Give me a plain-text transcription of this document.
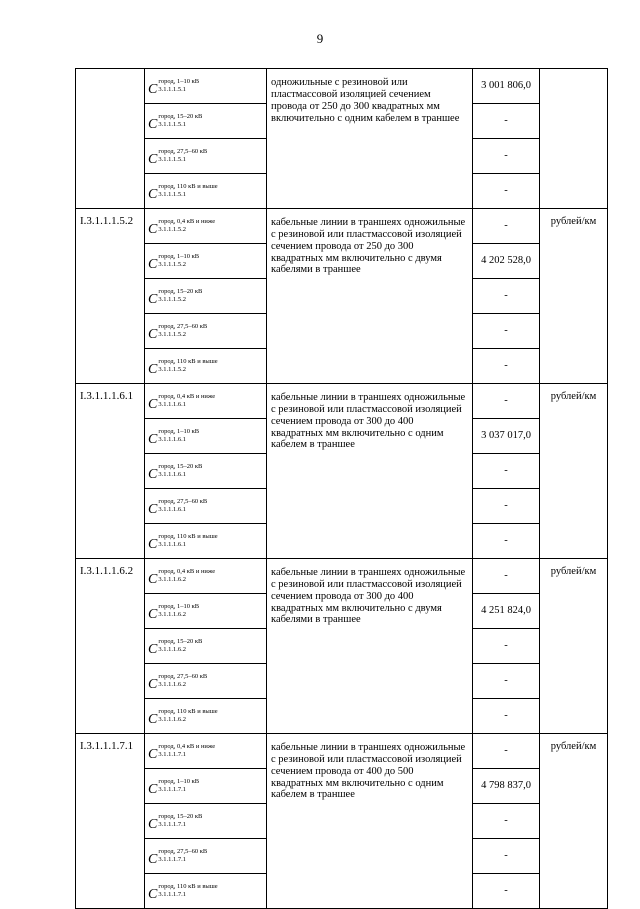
9

	C
город, 1–10 кВ
3.1.1.1.5.1	одножильные с резиновой или пластмассовой изоляцией сечением провода от 250 до 300 квадратных мм включительно с одним кабелем в траншее	3 001 806,0	

	C
город, 15–20 кВ
3.1.1.1.5.1		-	

	C
город, 27,5–60 кВ
3.1.1.1.5.1		-	

	C
город, 110 кВ и выше
3.1.1.1.5.1		-	
I.3.1.1.1.5.2	C
город, 0,4 кВ и ниже
3.1.1.1.5.2	кабельные линии в траншеях одножильные с резиновой или пластмассовой изоляцией сечением провода от 250 до 300 квадратных мм включительно с двумя кабелями в траншее	-	рублей/км

	C
город, 1–10 кВ
3.1.1.1.5.2		4 202 528,0	

	C
город, 15–20 кВ
3.1.1.1.5.2		-	

	C
город, 27,5–60 кВ
3.1.1.1.5.2		-	

	C
город, 110 кВ и выше
3.1.1.1.5.2		-	
I.3.1.1.1.6.1	C
город, 0,4 кВ и ниже
3.1.1.1.6.1	кабельные линии в траншеях одножильные с резиновой или пластмассовой изоляцией сечением провода от 300 до 400 квадратных мм включительно с одним кабелем в траншее	-	рублей/км

	C
город, 1–10 кВ
3.1.1.1.6.1		3 037 017,0	

	C
город, 15–20 кВ
3.1.1.1.6.1		-	

	C
город, 27,5–60 кВ
3.1.1.1.6.1		-	

	C
город, 110 кВ и выше
3.1.1.1.6.1		-	
I.3.1.1.1.6.2	C
город, 0,4 кВ и ниже
3.1.1.1.6.2	кабельные линии в траншеях одножильные с резиновой или пластмассовой изоляцией сечением провода от 300 до 400 квадратных мм включительно с двумя кабелями в траншее	-	рублей/км

	C
город, 1–10 кВ
3.1.1.1.6.2		4 251 824,0	

	C
город, 15–20 кВ
3.1.1.1.6.2		-	

	C
город, 27,5–60 кВ
3.1.1.1.6.2		-	

	C
город, 110 кВ и выше
3.1.1.1.6.2		-	
I.3.1.1.1.7.1	C
город, 0,4 кВ и ниже
3.1.1.1.7.1	кабельные линии в траншеях одножильные с резиновой или пластмассовой изоляцией сечением провода от 400 до 500 квадратных мм включительно с одним кабелем в траншее	-	рублей/км

	C
город, 1–10 кВ
3.1.1.1.7.1		4 798 837,0	

	C
город, 15–20 кВ
3.1.1.1.7.1		-	

	C
город, 27,5–60 кВ
3.1.1.1.7.1		-	

	C
город, 110 кВ и выше
3.1.1.1.7.1		-	
